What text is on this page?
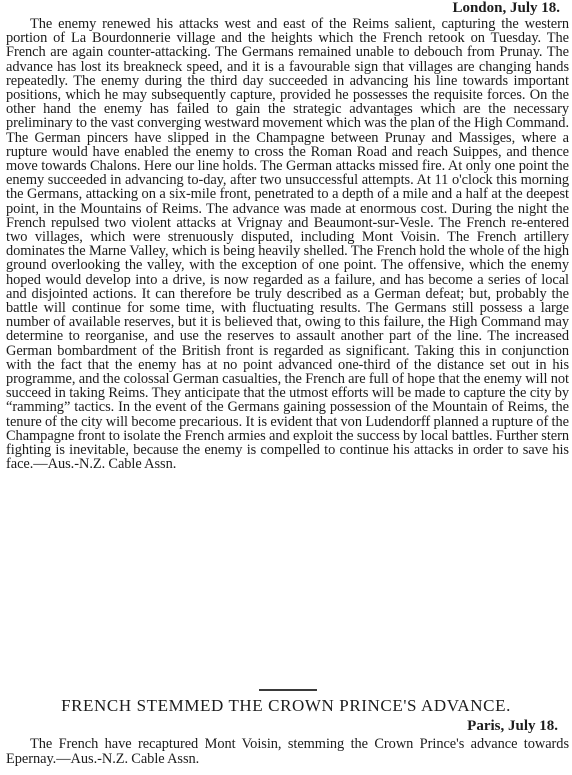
London, July 18.

The enemy renewed his attacks west and east of the Reims salient, capturing the western portion of La Bourdonnerie village and the heights which the French retook on Tuesday. The French are again counter-attacking. The Germans remained unable to debouch from Prunay. The advance has lost its breakneck speed, and it is a favourable sign that villages are changing hands repeatedly. The enemy during the third day succeeded in advancing his line towards important positions, which he may subsequently capture, provided he possesses the requisite forces. On the other hand the enemy has failed to gain the strategic advantages which are the necessary preliminary to the vast converging westward movement which was the plan of the High Command. The German pincers have slipped in the Champagne between Prunay and Massiges, where a rupture would have enabled the enemy to cross the Roman Road and reach Suippes, and thence move towards Chalons. Here our line holds. The German attacks missed fire. At only one point the enemy succeeded in advancing to-day, after two unsuccessful attempts. At 11 o'clock this morning the Germans, attacking on a six-mile front, penetrated to a depth of a mile and a half at the deepest point, in the Mountains of Reims. The advance was made at enormous cost. During the night the French repulsed two violent attacks at Vrignay and Beaumont-sur-Vesle. The French re-entered two villages, which were strenuously disputed, including Mont Voisin. The French artillery dominates the Marne Valley, which is being heavily shelled. The French hold the whole of the high ground overlooking the valley, with the exception of one point. The offensive, which the enemy hoped would develop into a drive, is now regarded as a failure, and has become a series of local and disjointed actions. It can therefore be truly described as a German defeat; but, probably the battle will continue for some time, with fluctuating results. The Germans still possess a large number of available reserves, but it is believed that, owing to this failure, the High Command may determine to reorganise, and use the reserves to assault another part of the line. The increased German bombardment of the British front is regarded as significant. Taking this in conjunction with the fact that the enemy has at no point advanced one-third of the distance set out in his programme, and the colossal German casualties, the French are full of hope that the enemy will not succeed in taking Reims. They anticipate that the utmost efforts will be made to capture the city by “ramming” tactics. In the event of the Germans gaining possession of the Mountain of Reims, the tenure of the city will become precarious. It is evident that von Ludendorff planned a rupture of the Champagne front to isolate the French armies and exploit the success by local battles. Further stern fighting is inevitable, because the enemy is compelled to continue his attacks in order to save his face.—Aus.-N.Z. Cable Assn.

FRENCH STEMMED THE CROWN PRINCE'S ADVANCE.
Paris, July 18.

The French have recaptured Mont Voisin, stemming the Crown Prince's advance towards Epernay.—Aus.-N.Z. Cable Assn.
